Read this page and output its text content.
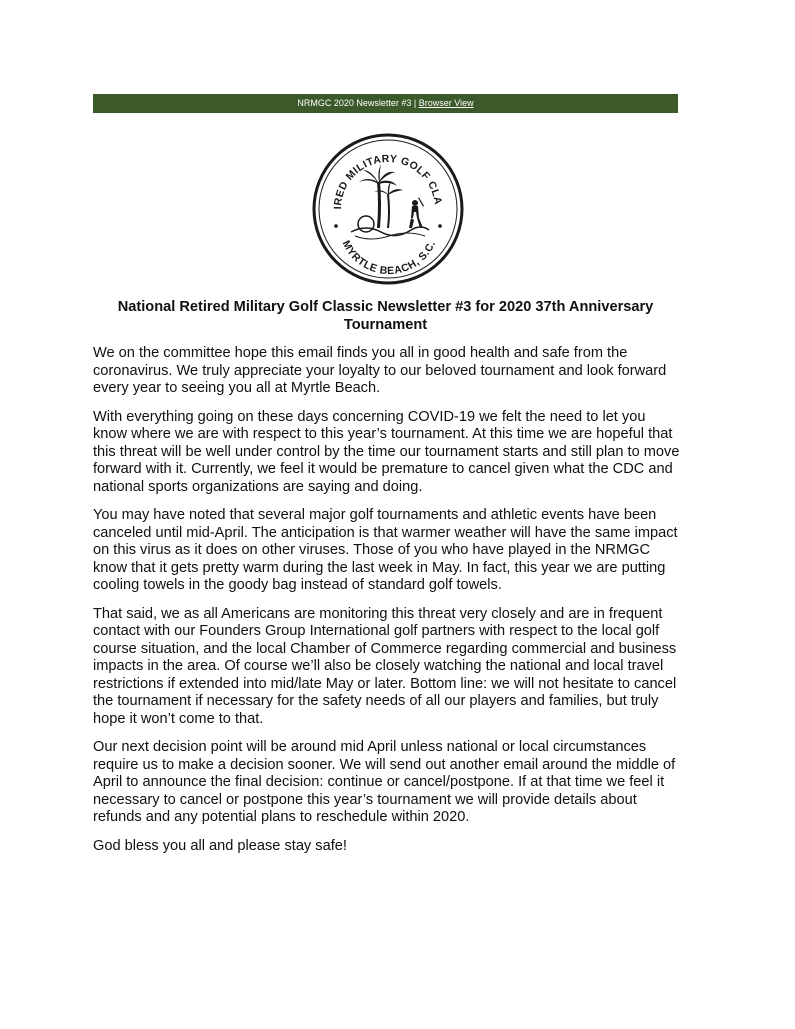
NRMGC 2020 Newsletter #3 | Browser View
IRED MILITARY GOLF CLA
MYRTLE BEACH, S.C.
National Retired Military Golf Classic Newsletter #3 for 2020 37th Anniversary Tournament

We on the committee hope this email finds you all in good health and safe from the coronavirus. We truly appreciate your loyalty to our beloved tournament and look forward every year to seeing you all at Myrtle Beach.

With everything going on these days concerning COVID-19 we felt the need to let you know where we are with respect to this year’s tournament. At this time we are hopeful that this threat will be well under control by the time our tournament starts and still plan to move forward with it. Currently, we feel it would be premature to cancel given what the CDC and national sports organizations are saying and doing.

You may have noted that several major golf tournaments and athletic events have been canceled until mid-April. The anticipation is that warmer weather will have the same impact on this virus as it does on other viruses. Those of you who have played in the NRMGC know that it gets pretty warm during the last week in May. In fact, this year we are putting cooling towels in the goody bag instead of standard golf towels.

That said, we as all Americans are monitoring this threat very closely and are in frequent contact with our Founders Group International golf partners with respect to the local golf course situation, and the local Chamber of Commerce regarding commercial and business impacts in the area. Of course we’ll also be closely watching the national and local travel restrictions if extended into mid/late May or later. Bottom line: we will not hesitate to cancel the tournament if necessary for the safety needs of all our players and families, but truly hope it won’t come to that.

Our next decision point will be around mid April unless national or local circumstances require us to make a decision sooner. We will send out another email around the middle of April to announce the final decision: continue or cancel/postpone. If at that time we feel it necessary to cancel or postpone this year’s tournament we will provide details about refunds and any potential plans to reschedule within 2020.

God bless you all and please stay safe!
